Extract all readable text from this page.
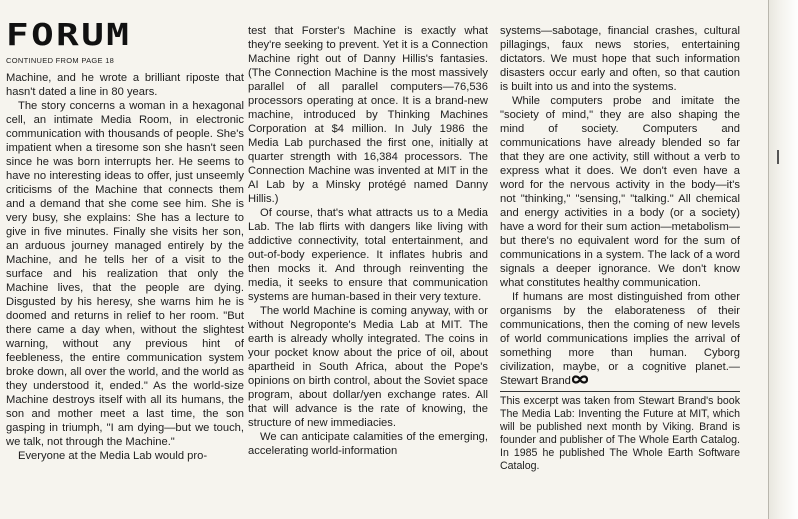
FORUM
CONTINUED FROM PAGE 18

Machine, and he wrote a brilliant riposte that hasn't dated a line in 80 years.

The story concerns a woman in a hexagonal cell, an intimate Media Room, in electronic communication with thousands of people. She's impatient when a tiresome son she hasn't seen since he was born interrupts her. He seems to have no interesting ideas to offer, just unseemly criticisms of the Machine that connects them and a demand that she come see him. She is very busy, she explains: She has a lecture to give in five minutes. Finally she visits her son, an arduous journey managed entirely by the Machine, and he tells her of a visit to the surface and his realization that only the Machine lives, that the people are dying. Disgusted by his heresy, she warns him he is doomed and returns in relief to her room. "But there came a day when, without the slightest warning, without any previous hint of feebleness, the entire communication system broke down, all over the world, and the world as they understood it, ended." As the world-size Machine destroys itself with all its humans, the son and mother meet a last time, the son gasping in triumph, "I am dying—but we touch, we talk, not through the Machine."

Everyone at the Media Lab would pro-

test that Forster's Machine is exactly what they're seeking to prevent. Yet it is a Connection Machine right out of Danny Hillis's fantasies. (The Connection Machine is the most massively parallel of all parallel computers—76,536 processors operating at once. It is a brand-new machine, introduced by Thinking Machines Corporation at $4 million. In July 1986 the Media Lab purchased the first one, initially at quarter strength with 16,384 processors. The Connection Machine was invented at MIT in the AI Lab by a Minsky protégé named Danny Hillis.)

Of course, that's what attracts us to a Media Lab. The lab flirts with dangers like living with addictive connectivity, total entertainment, and out-of-body experience. It inflates hubris and then mocks it. And through reinventing the media, it seeks to ensure that communication systems are human-based in their very texture.

The world Machine is coming anyway, with or without Negroponte's Media Lab at MIT. The earth is already wholly integrated. The coins in your pocket know about the price of oil, about apartheid in South Africa, about the Pope's opinions on birth control, about the Soviet space program, about dollar/yen exchange rates. All that will advance is the rate of knowing, the structure of new immediacies.

We can anticipate calamities of the emerging, accelerating world-information

systems—sabotage, financial crashes, cultural pillagings, faux news stories, entertaining dictators. We must hope that such information disasters occur early and often, so that caution is built into us and into the systems.

While computers probe and imitate the "society of mind," they are also shaping the mind of society. Computers and communications have already blended so far that they are one activity, still without a verb to express what it does. We don't even have a word for the nervous activity in the body—it's not "thinking," "sensing," "talking." All chemical and energy activities in a body (or a society) have a word for their sum action—metabolism—but there's no equivalent word for the sum of communications in a system. The lack of a word signals a deeper ignorance. We don't know what constitutes healthy communication.

If humans are most distinguished from other organisms by the elaborateness of their communications, then the coming of new levels of world communications implies the arrival of something more than human. Cyborg civilization, maybe, or a cognitive planet.—Stewart Brand

This excerpt was taken from Stewart Brand's book The Media Lab: Inventing the Future at MIT, which will be published next month by Viking. Brand is founder and publisher of The Whole Earth Catalog. In 1985 he published The Whole Earth Software Catalog.
